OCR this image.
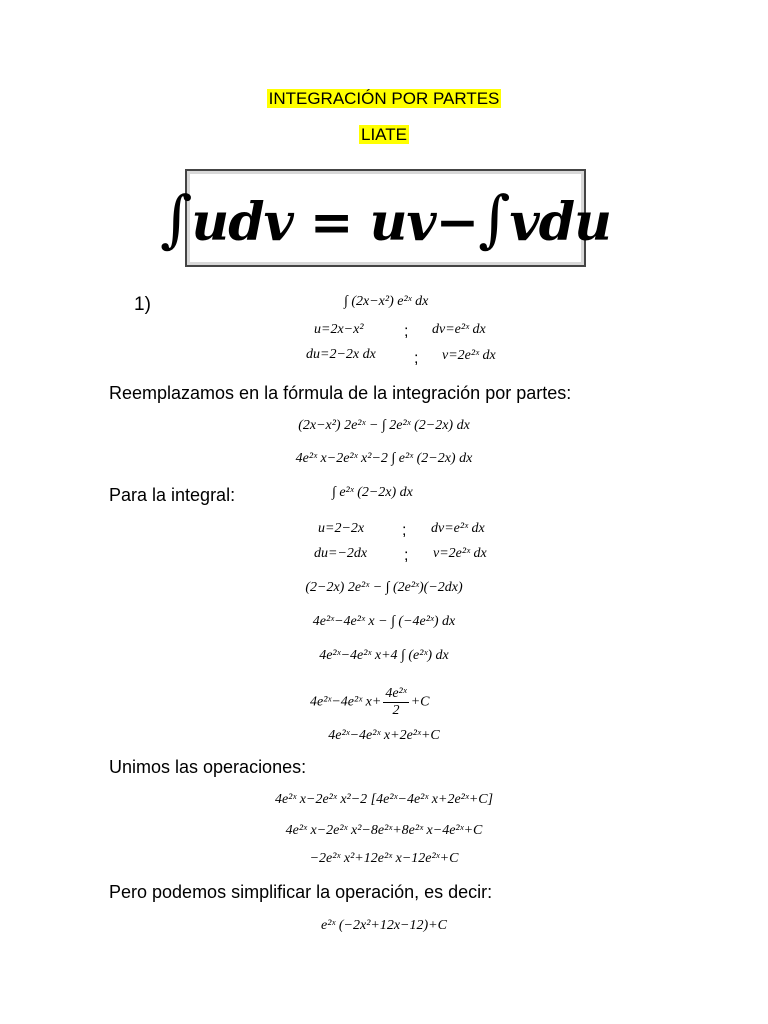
INTEGRACIÓN POR PARTES
LIATE
∫udv = uv−∫vdu
1)	∫ (2x−x²) e²ˣ dx
u=2x−x²	; dv=e²ˣ dx
du=2−2x dx ; v=2e²ˣ dx
Reemplazamos en la fórmula de la integración por partes:
(2x−x²) 2e²ˣ − ∫ 2e²ˣ (2−2x) dx
4e²ˣ x−2e²ˣ x²−2 ∫ e²ˣ (2−2x) dx
Para la integral:	∫ e²ˣ (2−2x) dx
u=2−2x ; dv=e²ˣ dx
du=−2dx ; v=2e²ˣ dx
(2−2x) 2e²ˣ − ∫ (2e²ˣ)(−2dx)
4e²ˣ−4e²ˣ x − ∫ (−4e²ˣ) dx
4e²ˣ−4e²ˣ x+4 ∫ (e²ˣ) dx
4e²ˣ−4e²ˣ $x+ \frac{\text{4e²ˣ}}{2} +C$
4e²ˣ−4e²ˣ x+2e²ˣ+C
Unimos las operaciones:
4e²ˣ x−2e²ˣ x²−2 [4e²ˣ−4e²ˣ x+2e²ˣ+C]
4e²ˣ x−2e²ˣ x²−8e²ˣ+8e²ˣ x−4e²ˣ+C
−2e²ˣ x²+12e²ˣ x−12e²ˣ+C
Pero podemos simplificar la operación, es decir:
e²ˣ (−2x²+12x−12)+C
